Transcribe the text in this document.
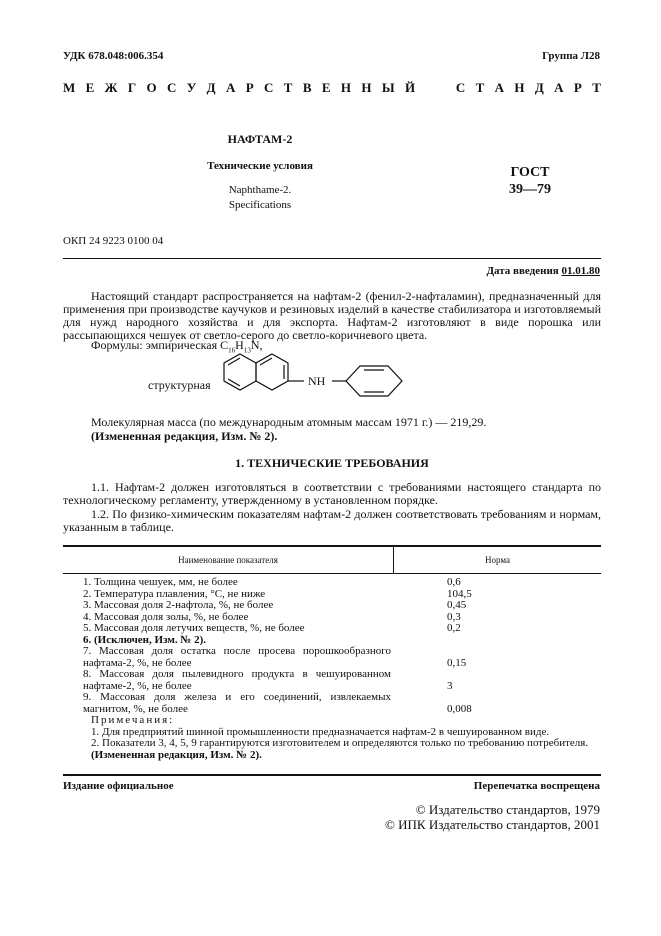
УДК 678.048:006.354	Группа Л28
М Е Ж Г О С У Д А Р С Т В Е Н Н Ы Й	С Т А Н Д А Р Т
НАФТАМ-2
Технические условия
Naphthame-2.
Specifications
ГОСТ
39—79
ОКП 24 9223 0100 04
Дата введения 01.01.80

Настоящий стандарт распространяется на нафтам-2 (фенил-2-нафталамин), предназначенный для применения при производстве каучуков и резиновых изделий в качестве стабилизатора и изготовляемый для нужд народного хозяйства и для экспорта. Нафтам-2 изготовляют в виде порошка или рассыпающихся чешуек от светло-серого до светло-коричневого цвета.

Формулы: эмпирическая $C_{16}H_{13}N$,
структурная	NH
Молекулярная масса (по международным атомным массам 1971 г.) — 219,29.
(Измененная редакция, Изм. № 2).
1. ТЕХНИЧЕСКИЕ ТРЕБОВАНИЯ

1.1. Нафтам-2 должен изготовляться в соответствии с требованиями настоящего стандарта по технологическому регламенту, утвержденному в установленном порядке.

1.2. По физико-химическим показателям нафтам-2 должен соответствовать требованиям и нормам, указанным в таблице.

Наименование показателя	Норма
1. Толщина чешуек, мм, не более	0,6
2. Температура плавления, °С, не ниже	104,5
3. Массовая доля 2-нафтола, %, не более	0,45
4. Массовая доля золы, %, не более	0,3
5. Массовая доля летучих веществ, %, не более	0,2
6. (Исключен, Изм. № 2).
7. Массовая доля остатка после просева порошкообразного нафтама-2, %, не более	0,15
8. Массовая доля пылевидного продукта в чешуированном нафтаме-2, %, не более	3
9. Массовая доля железа и его соединений, извлекаемых магнитом, %, не более	0,008
Примечания:
1. Для предприятий шинной промышленности предназначается нафтам-2 в чешуированном виде.
2. Показатели 3, 4, 5, 9 гарантируются изготовителем и определяются только по требованию потребителя.
(Измененная редакция, Изм. № 2).
Издание официальное	Перепечатка воспрещена
© Издательство стандартов, 1979
© ИПК Издательство стандартов, 2001
